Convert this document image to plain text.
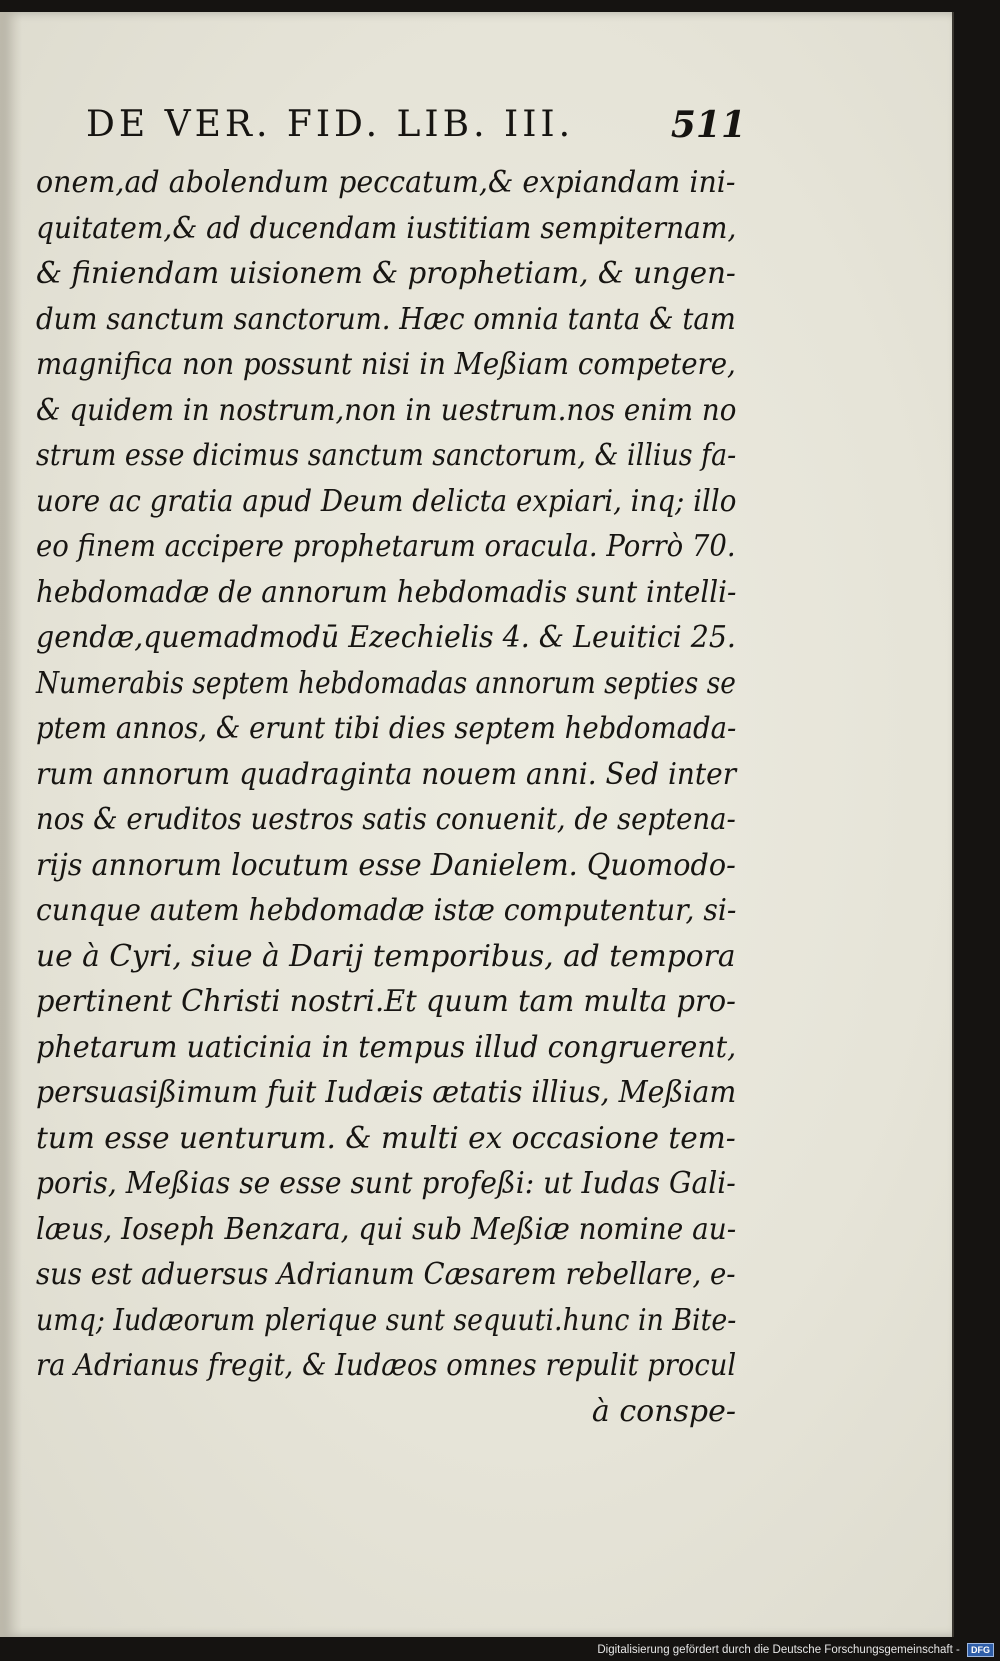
DE VER. FID. LIB. III.	511
onem,ad abolendum peccatum,& expiandam ini-
quitatem,& ad ducendam iustitiam sempiternam,
& finiendam uisionem & prophetiam, & ungen-
dum sanctum sanctorum. Hæc omnia tanta & tam
magnifica non possunt nisi in Meßiam competere,
& quidem in nostrum,non in uestrum.nos enim no
strum esse dicimus sanctum sanctorum, & illius fa-
uore ac gratia apud Deum delicta expiari, inq; illo
eo finem accipere prophetarum oracula. Porrò 70.
hebdomadæ de annorum hebdomadis sunt intelli-
gendæ,quemadmodū Ezechielis 4. & Leuitici 25.
Numerabis septem hebdomadas annorum septies se
ptem annos, & erunt tibi dies septem hebdomada-
rum annorum quadraginta nouem anni. Sed inter
nos & eruditos uestros satis conuenit, de septena-
rijs annorum locutum esse Danielem. Quomodo-
cunque autem hebdomadæ istæ computentur, si-
ue à Cyri, siue à Darij temporibus, ad tempora
pertinent Christi nostri.Et quum tam multa pro-
phetarum uaticinia in tempus illud congruerent,
persuasißimum fuit Iudæis ætatis illius, Meßiam
tum esse uenturum. & multi ex occasione tem-
poris, Meßias se esse sunt profeßi: ut Iudas Gali-
læus, Ioseph Benzara, qui sub Meßiæ nomine au-
sus est aduersus Adrianum Cæsarem rebellare, e-
umq; Iudæorum plerique sunt sequuti.hunc in Bite-
ra Adrianus fregit, & Iudæos omnes repulit procul
à conspe-
Digitalisierung gefördert durch die Deutsche Forschungsgemeinschaft - DFG
